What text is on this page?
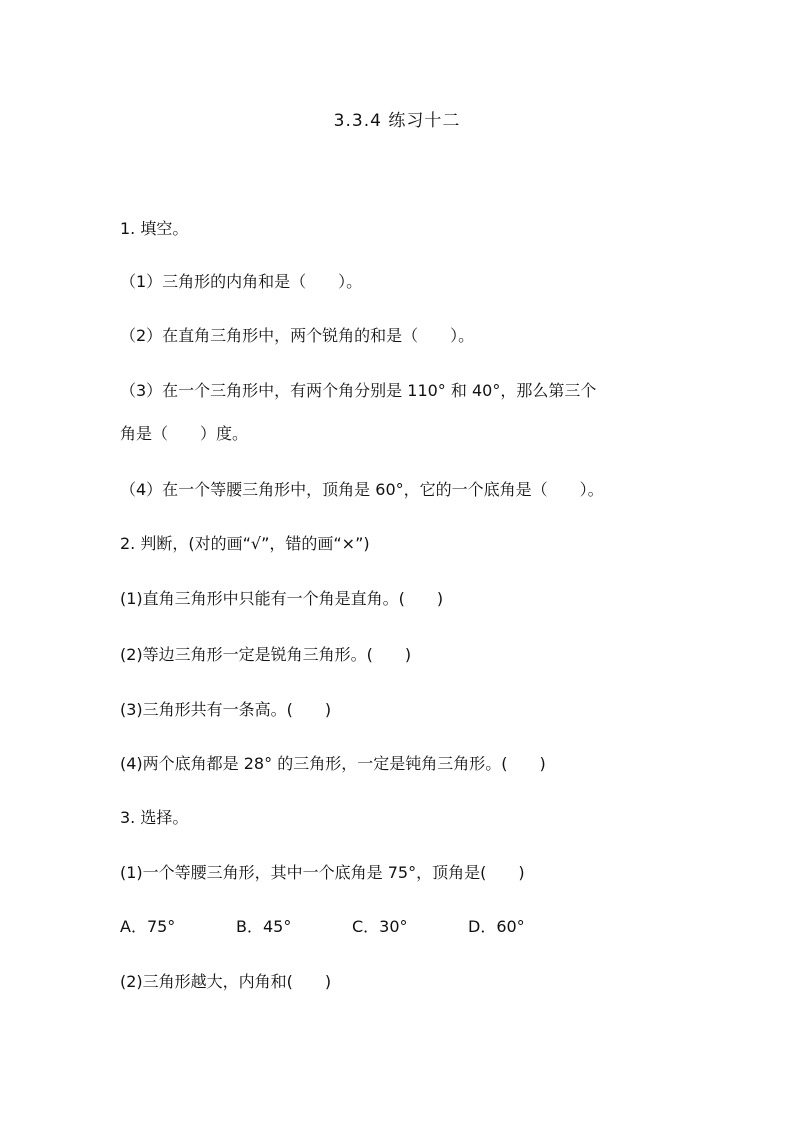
3.3.4 练习十二
1. 填空。
（1）三角形的内角和是（　　）。
（2）在直角三角形中，两个锐角的和是（　　）。
（3）在一个三角形中，有两个角分别是 110° 和 40°，那么第三个
角是（　　）度。
（4）在一个等腰三角形中，顶角是 60°，它的一个底角是（　　）。
2. 判断，(对的画“√”，错的画“×”)
(1)直角三角形中只能有一个角是直角。(　　)
(2)等边三角形一定是锐角三角形。(　　)
(3)三角形共有一条高。(　　)
(4)两个底角都是 28° 的三角形，一定是钝角三角形。(　　)
3. 选择。
(1)一个等腰三角形，其中一个底角是 75°，顶角是(　　)
A．75°	B．45°	C．30°	D．60°
(2)三角形越大，内角和(　　)
